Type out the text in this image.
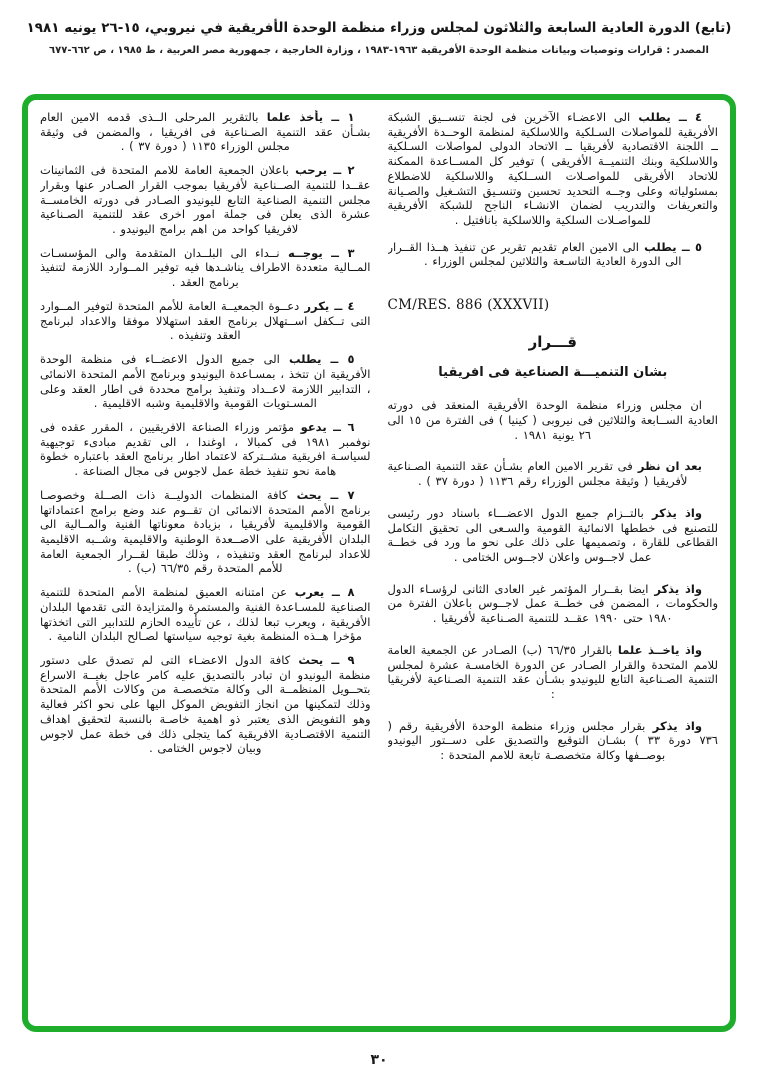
(تابع) الدورة العادية السابعة والثلاثون لمجلس وزراء منظمة الوحدة الأفريقية في نيروبي، ١٥-٢٦ يونيه ١٩٨١
المصدر : قرارات وتوصيات وبيانات منظمة الوحدة الأفريقية ١٩٦٣-١٩٨٣ ، وزارة الخارجية ، جمهورية مصر العربية ، ط ١٩٨٥ ، ص ٦٦٢-٦٧٧

٤ ــ يطلبالى الاعضـاء الآخرين فى لجنة تنســيق الشبكة الأفريقية للمواصلات السـلكية واللاسلكية لمنظمة الوحــدة الأفريقية ــ اللجنة الاقتصادية لأفريقيا ــ الاتحاد الدولى لمواصلات السـلكية واللاسلكية وبنك التنميــة الأفريقى ) توفير كل المســاعدة الممكنة للاتحاد الأفريقى للمواصـلات الســلكية واللاسلكية للاضطلاع بمسئولياته وعلى وجــه التحديد تحسين وتنسـيق التشـغيل والصـيانة والتعريفات والتدريب لضمان الانشـاء الناجح للشبكة الأفريقية للمواصـلات السلكية واللاسلكية بانافتيل .

٥ ــ يطلبالى الامين العام تقديم تقرير عن تنفيذ هــذا القــرار الى الدورة العادية التاسـعة والثلاثين لمجلس الوزراء .

CM/RES. 886 (XXXVII)
قـــرار
بشان التنميـــة الصناعية فى افريقيا

ان مجلس وزراء منظمة الوحدة الأفريقية المنعقد فى دورته العادية الســابعة والثلاثين فى نيروبى ( كينيا ) فى الفترة من ١٥ الى ٢٦ يونية ١٩٨١ .

بعد ان نظرفى تقرير الامين العام بشـأن عقد التنمية الصـناعية لأفريقيا ( وثيقة مجلس الوزراء رقم ١١٣٦ ( دورة ٣٧ ) .

واذ يذكربالتــزام جميع الدول الاعضـــاء باسناد دور رئيسى للتصنيع فى خططها الانمائية القومية والسـعى الى تحقيق التكامل القطاعى للقارة ، وتصميمها على ذلك على نحو ما ورد فى خطــة عمل لاجــوس واعلان لاجــوس الختامى .

واذ يذكرايضا بقــرار المؤتمر غير العادى الثانى لرؤسـاء الدول والحكومات ، المضمن فى خطــة عمل لاجــوس باعلان الفترة من ١٩٨٠ حتى ١٩٩٠ عقــد للتنمية الصـناعية لأفريقيا .

واذ ياخــذ علمابالقرار ٦٦/٣٥ (ب) الصـادر عن الجمعية العامة للامم المتحدة والقرار الصـادر عن الدورة الخامسـة عشرة لمجلس التنمية الصـناعية التابع لليونيدو بشـأن عقد التنمية الصـناعية لأفريقيا :

واذ يذكربقرار مجلس وزراء منظمة الوحدة الأفريقية رقم ( ٧٣٦ دورة ٣٣ ) بشـان التوقيع والتصديق على دســتور اليونيدو بوصــفها وكالة متخصصـة تابعة للامم المتحدة :

١ ــ يأخذ علمابالتقرير المرحلى الــذى قدمه الامين العام بشـأن عقد التنمية الصـناعية فى افريقيا ، والمضمن فى وثيقة مجلس الوزراء ١١٣٥ ( دورة ٣٧ ) .

٢ ــ يرحبباعلان الجمعية العامة للامم المتحدة فى الثمانينات عقــدا للتنمية الصــناعية لأفريقيا بموجب القرار الصـادر عنها وبقرار مجلس التنمية الصناعية التابع لليونيدو الصـادر فى دورته الخامســة عشرة الذى يعلن فى جملة امور اخرى عقد للتنمية الصـناعية لافريقيا كواحد من اهم برامج اليونيدو .

٣ ــ يوجــهنــداء الى البلــدان المتقدمة والى المؤسسـات المــالية متعددة الاطراف يناشـدها فيه توفير المــوارد اللازمة لتنفيذ برنامج العقد .

٤ ــ يكرردعــوة الجمعيــة العامة للأمم المتحدة لتوفير المــوارد التى تــكفل اســتهلال برنامج العقد استهلالا موفقا والاعداد لبرنامج العقد وتنفيذه .

٥ ــ يطلبالى جميع الدول الاعضــاء فى منظمة الوحدة الأفريقية ان تتخذ ، بمسـاعدة اليونيدو وبرنامج الأمم المتحدة الانمائى ، التدابير اللازمة لاعــداد وتنفيذ برامج محددة فى اطار العقد وعلى المسـتويات القومية والاقليمية وشبه الاقليمية .

٦ ــ يدعومؤتمر وزراء الصناعة الافريقيين ، المقرر عقده فى نوفمبر ١٩٨١ فى كمبالا ، اوغندا ، الى تقديم مبادىء توجيهية لسياسـة افريقية مشــتركة لاعتماد اطار برنامج العقد باعتباره خطوة هامة نحو تنفيذ خطة عمل لاجوس فى مجال الصناعة .

٧ ــ يحثكافة المنظمات الدوليــة ذات الصــلة وخصوصـا برنامج الأمم المتحدة الانمائى ان تقــوم عند وضع برامج اعتماداتها القومية والاقليمية لأفريقيا ، بزيادة معوناتها الفنية والمــالية الى البلدان الأفريقية على الاصــعدة الوطنية والاقليمية وشــبه الاقليمية للاعداد لبرنامج العقد وتنفيذه ، وذلك طبقا لقــرار الجمعية العامة للأمم المتحدة رقم ٦٦/٣٥ (ب) .

٨ ــ يعربعن امتنانه العميق لمنظمة الأمم المتحدة للتنمية الصناعية للمسـاعدة الفنية والمستمرة والمتزايدة التى تقدمها البلدان الأفريقية ، ويعرب تبعا لذلك ، عن تأييده الحازم للتدابير التى اتخذتها مؤخرا هــذه المنظمة بغية توجيه سياستها لصـالح البلدان النامية .

٩ ــ يحثكافة الدول الاعضـاء التى لم تصدق على دستور منظمة اليونيدو ان تبادر بالتصديق عليه كامر عاجل بغيــة الاسراع بتحــويل المنظمــة الى وكالة متخصصـة من وكالات الأمم المتحدة وذلك لتمكينها من انجاز التفويض الموكل اليها على نحو اكثر فعالية وهو التفويض الذى يعتبر ذو اهمية خاصـة بالنسبة لتحقيق اهداف التنمية الاقتصـادية الافريقية كما يتجلى ذلك فى خطة عمل لاجوس وبيان لاجوس الختامى .

٣٠
